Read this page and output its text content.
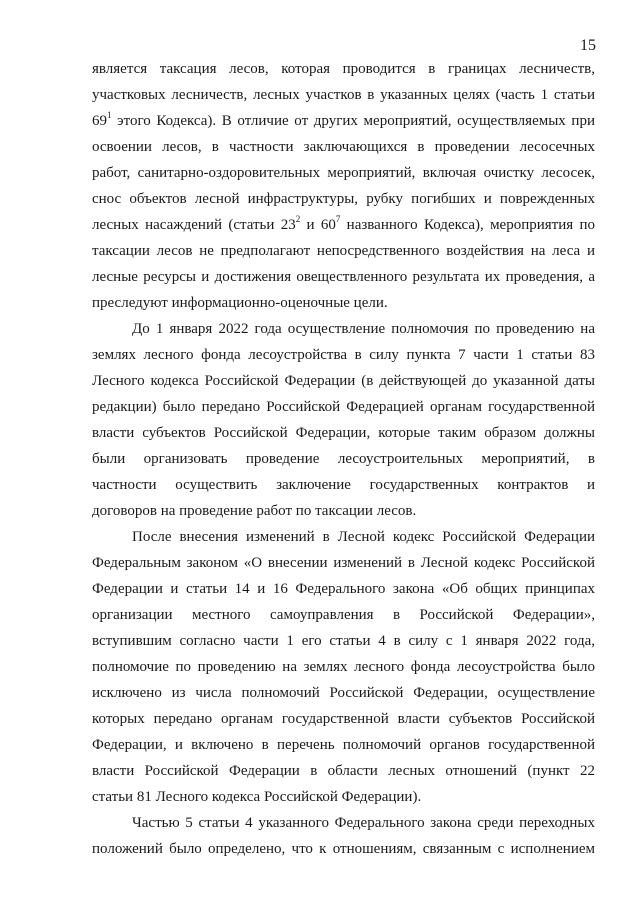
15
является таксация лесов, которая проводится в границах лесничеств,
участковых лесничеств, лесных участков в указанных целях (часть 1 статьи
$69^1$ этого Кодекса). В отличие от других мероприятий, осуществляемых при
освоении лесов, в частности заключающихся в проведении лесосечных
работ, санитарно-оздоровительных мероприятий, включая очистку лесосек,
снос объектов лесной инфраструктуры, рубку погибших и поврежденных
лесных насаждений (статьи $23^2$ и $60^7$ названного Кодекса), мероприятия по
таксации лесов не предполагают непосредственного воздействия на леса и
лесные ресурсы и достижения овеществленного результата их проведения, а
преследуют информационно-оценочные цели.
До 1 января 2022 года осуществление полномочия по проведению на
землях лесного фонда лесоустройства в силу пункта 7 части 1 статьи 83
Лесного кодекса Российской Федерации (в действующей до указанной даты
редакции) было передано Российской Федерацией органам государственной
власти субъектов Российской Федерации, которые таким образом должны
были организовать проведение лесоустроительных мероприятий, в
частности осуществить заключение государственных контрактов и
договоров на проведение работ по таксации лесов.
После внесения изменений в Лесной кодекс Российской Федерации
Федеральным законом «О внесении изменений в Лесной кодекс Российской
Федерации и статьи 14 и 16 Федерального закона «Об общих принципах
организации местного самоуправления в Российской Федерации»,
вступившим согласно части 1 его статьи 4 в силу с 1 января 2022 года,
полномочие по проведению на землях лесного фонда лесоустройства было
исключено из числа полномочий Российской Федерации, осуществление
которых передано органам государственной власти субъектов Российской
Федерации, и включено в перечень полномочий органов государственной
власти Российской Федерации в области лесных отношений (пункт 22
статьи 81 Лесного кодекса Российской Федерации).
Частью 5 статьи 4 указанного Федерального закона среди переходных
положений было определено, что к отношениям, связанным с исполнением
